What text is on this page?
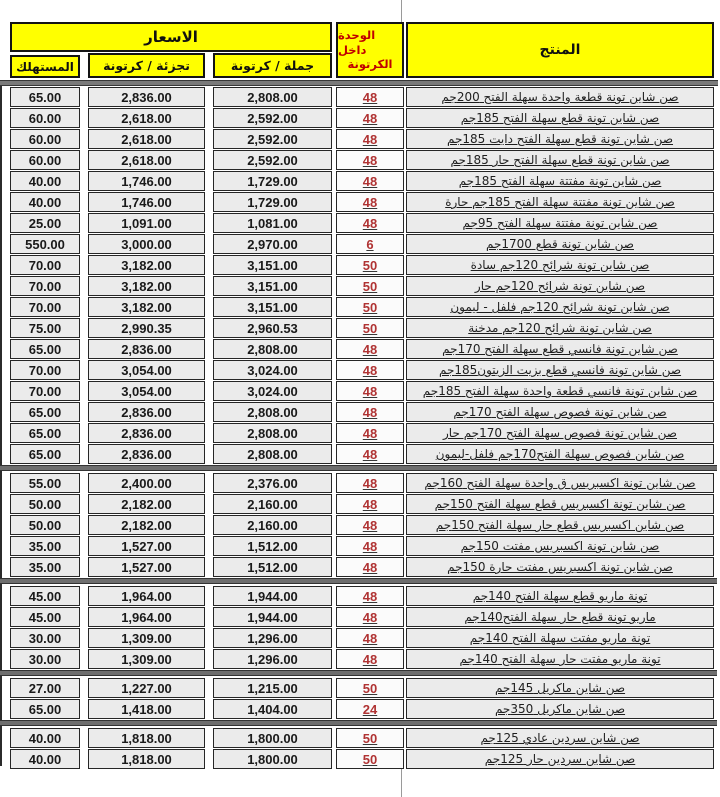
الاسعار
المستهلك	تجزئة / كرتونة	جملة / كرتونة
الوحدة داخل
الكرتونة
المنتج
65.00	2,836.00	2,808.00	48	صن شاين تونة قطعة واحدة سهلة الفتح 200جم
60.00	2,618.00	2,592.00	48	صن شاين تونة قطع سهلة الفتح 185جم
60.00	2,618.00	2,592.00	48	صن شاين تونة قطع سهلة الفتح دايت 185جم
60.00	2,618.00	2,592.00	48	صن شاين تونة قطع سهلة الفتح حار 185جم
40.00	1,746.00	1,729.00	48	صن شاين تونة مفتتة سهلة الفتح 185جم
40.00	1,746.00	1,729.00	48	صن شاين تونة مفتتة سهلة الفتح 185جم حارة
25.00	1,091.00	1,081.00	48	صن شاين تونة مفتتة سهلة الفتح 95جم
550.00	3,000.00	2,970.00	6	صن شاين تونة قطع 1700جم
70.00	3,182.00	3,151.00	50	صن شاين تونة شرائح 120جم سادة
70.00	3,182.00	3,151.00	50	صن شاين تونة شرائح 120جم حار
70.00	3,182.00	3,151.00	50	صن شاين تونة شرائح 120جم فلفل - ليمون
75.00	2,990.35	2,960.53	50	صن شاين تونة شرائح 120جم مدخنة
65.00	2,836.00	2,808.00	48	صن شاين تونة فانسي قطع سهلة الفتح 170جم
70.00	3,054.00	3,024.00	48	صن شاين تونة فانسي قطع بزيت الزيتون185جم
70.00	3,054.00	3,024.00	48	صن شاين تونة فانسي قطعة واحدة سهلة الفتح 185جم
65.00	2,836.00	2,808.00	48	صن شاين تونة فصوص سهلة الفتح 170جم
65.00	2,836.00	2,808.00	48	صن شاين تونة فصوص سهلة الفتح 170جم حار
65.00	2,836.00	2,808.00	48	صن شاين فصوص سهلة الفتح170جم فلفل-ليمون
55.00	2,400.00	2,376.00	48	صن شاين تونة اكسبريس ق واحدة سهلة الفتح 160جم
50.00	2,182.00	2,160.00	48	صن شاين تونة اكسبريس قطع سهلة الفتح 150جم
50.00	2,182.00	2,160.00	48	صن شاين اكسبريس قطع حار سهلة الفتح 150جم
35.00	1,527.00	1,512.00	48	صن شاين تونة اكسبريس مفتت 150جم
35.00	1,527.00	1,512.00	48	صن شاين تونة اكسبريس مفتت حارة 150جم
45.00	1,964.00	1,944.00	48	تونة ماريو قطع سهلة الفتح 140جم
45.00	1,964.00	1,944.00	48	ماريو تونة قطع حار سهلة الفتح140جم
30.00	1,309.00	1,296.00	48	تونة ماريو مفتت سهلة الفتح 140جم
30.00	1,309.00	1,296.00	48	تونة ماريو مفتت حار سهلة الفتح 140جم
27.00	1,227.00	1,215.00	50	صن شاين ماكريل 145جم
65.00	1,418.00	1,404.00	24	صن شاين ماكريل 350جم
40.00	1,818.00	1,800.00	50	صن شاين سردين عادي 125جم
40.00	1,818.00	1,800.00	50	صن شاين سردين حار 125جم
